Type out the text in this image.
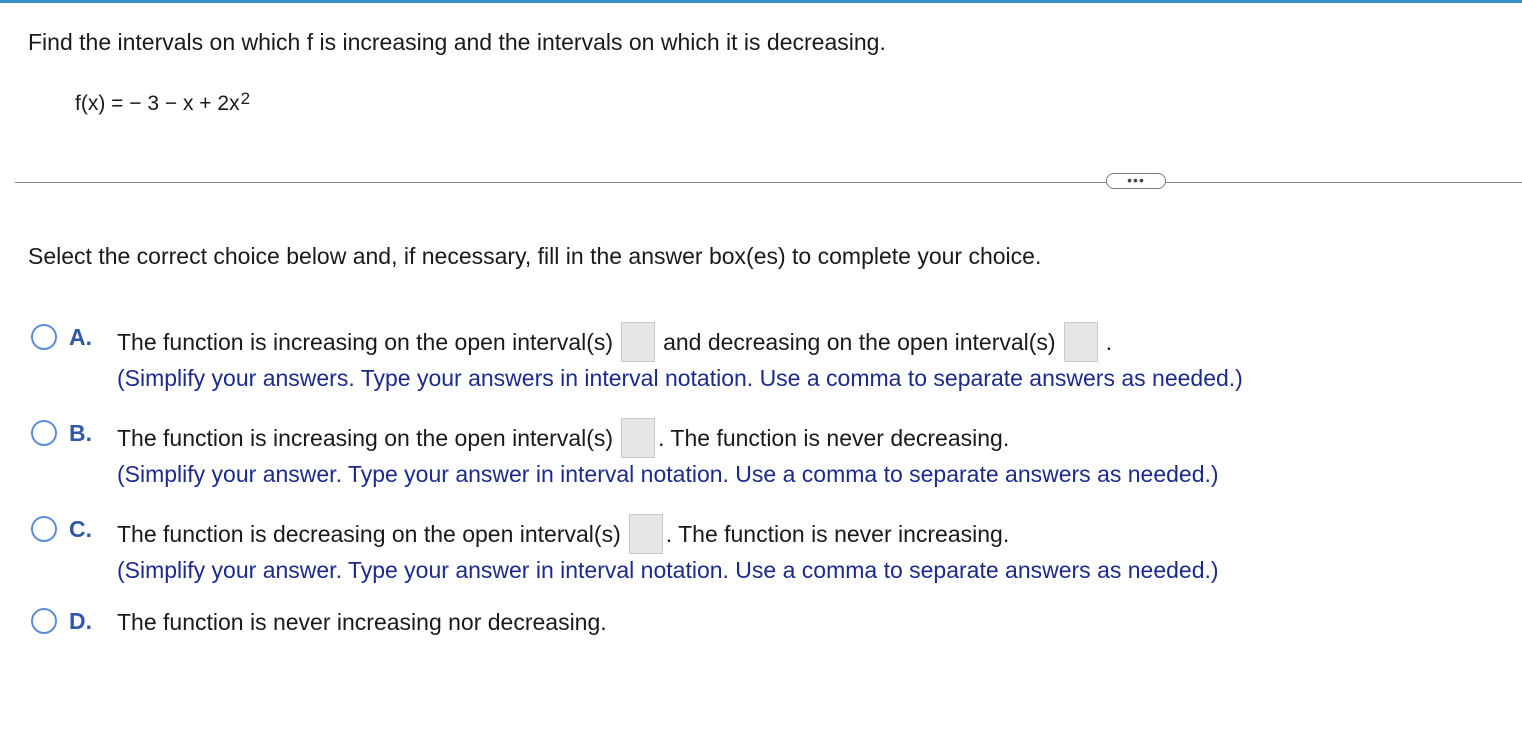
Find the intervals on which f is increasing and the intervals on which it is decreasing.
f(x) = − $3 - x + 2x^2$
•••
Select the correct choice below and, if necessary, fill in the answer box(es) to complete your choice.
A. The function is increasing on the open interval(s) and decreasing on the open interval(s) .
(Simplify your answers. Type your answers in interval notation. Use a comma to separate answers as needed.)
B. The function is increasing on the open interval(s) . The function is never decreasing.
(Simplify your answer. Type your answer in interval notation. Use a comma to separate answers as needed.)
C. The function is decreasing on the open interval(s) . The function is never increasing.
(Simplify your answer. Type your answer in interval notation. Use a comma to separate answers as needed.)
D. The function is never increasing nor decreasing.
